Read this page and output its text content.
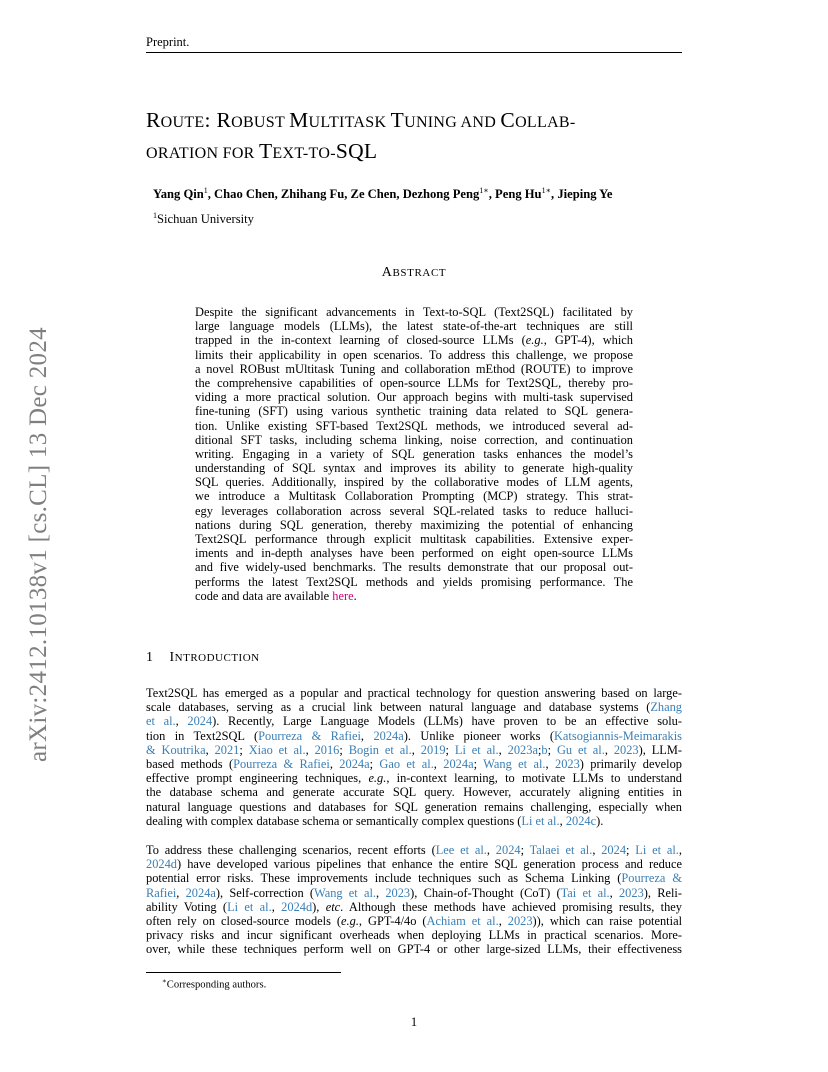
Preprint.
arXiv:2412.10138v1 [cs.CL] 13 Dec 2024
ROUTE: ROBUST MULTITASK TUNING AND COLLAB-
ORATION FOR TEXT-TO-SQL
Yang Qin$^1$, Chao Chen, Zhihang Fu, Ze Chen, Dezhong Peng$^{1∗}$, Peng $Hu^{1∗}$, Jieping Ye
$^1$Sichuan University
ABSTRACT
Despite the significant advancements in Text-to-SQL (Text2SQL) facilitated by
large language models (LLMs), the latest state-of-the-art techniques are still
trapped in the in-context learning of closed-source LLMs (e.g., GPT-4), which
limits their applicability in open scenarios. To address this challenge, we propose
a novel ROBust mUltitask Tuning and collaboration mEthod (ROUTE) to improve
the comprehensive capabilities of open-source LLMs for Text2SQL, thereby pro-
viding a more practical solution. Our approach begins with multi-task supervised
fine-tuning (SFT) using various synthetic training data related to SQL genera-
tion. Unlike existing SFT-based Text2SQL methods, we introduced several ad-
ditional SFT tasks, including schema linking, noise correction, and continuation
writing. Engaging in a variety of SQL generation tasks enhances the model’s
understanding of SQL syntax and improves its ability to generate high-quality
SQL queries. Additionally, inspired by the collaborative modes of LLM agents,
we introduce a Multitask Collaboration Prompting (MCP) strategy. This strat-
egy leverages collaboration across several SQL-related tasks to reduce halluci-
nations during SQL generation, thereby maximizing the potential of enhancing
Text2SQL performance through explicit multitask capabilities. Extensive exper-
iments and in-depth analyses have been performed on eight open-source LLMs
and five widely-used benchmarks. The results demonstrate that our proposal out-
performs the latest Text2SQL methods and yields promising performance. The
code and data are available here.
1 INTRODUCTION
Text2SQL has emerged as a popular and practical technology for question answering based on large-
scale databases, serving as a crucial link between natural language and database systems (Zhang
et al., 2024). Recently, Large Language Models (LLMs) have proven to be an effective solu-
tion in Text2SQL (Pourreza & Rafiei, 2024a). Unlike pioneer works (Katsogiannis-Meimarakis
& Koutrika, 2021; Xiao et al., 2016; Bogin et al., 2019; Li et al., 2023a;b; Gu et al., 2023), LLM-
based methods (Pourreza & Rafiei, 2024a; Gao et al., 2024a; Wang et al., 2023) primarily develop
effective prompt engineering techniques, e.g., in-context learning, to motivate LLMs to understand
the database schema and generate accurate SQL query. However, accurately aligning entities in
natural language questions and databases for SQL generation remains challenging, especially when
dealing with complex database schema or semantically complex questions (Li et al., 2024c).
To address these challenging scenarios, recent efforts (Lee et al., 2024; Talaei et al., 2024; Li et al.,
2024d) have developed various pipelines that enhance the entire SQL generation process and reduce
potential error risks. These improvements include techniques such as Schema Linking (Pourreza &
Rafiei, 2024a), Self-correction (Wang et al., 2023), Chain-of-Thought (CoT) (Tai et al., 2023), Reli-
ability Voting (Li et al., 2024d), etc. Although these methods have achieved promising results, they
often rely on closed-source models (e.g., GPT-4/4o (Achiam et al., 2023)), which can raise potential
privacy risks and incur significant overheads when deploying LLMs in practical scenarios. More-
over, while these techniques perform well on GPT-4 or other large-sized LLMs, their effectiveness
∗Corresponding authors.
1
